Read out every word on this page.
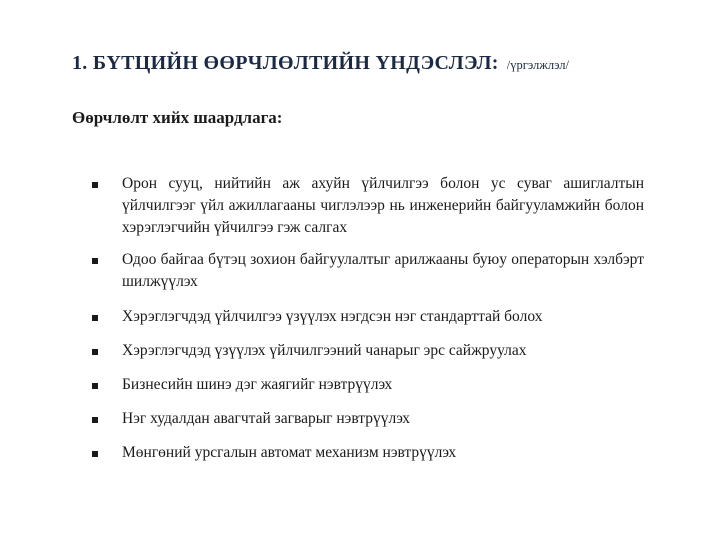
1. БҮТЦИЙН ӨӨРЧЛӨЛТИЙН ҮНДЭСЛЭЛ: /үргэлжлэл/
Өөрчлөлт хийх шаардлага:
Орон сууц, нийтийн аж ахуйн үйлчилгээ болон ус суваг ашиглалтын үйлчилгээг үйл ажиллагааны чиглэлээр нь инженерийн байгууламжийн болон хэрэглэгчийн үйчилгээ гэж салгах
Одоо байгаа бүтэц зохион байгуулалтыг арилжааны буюу операторын хэлбэрт шилжүүлэх
Хэрэглэгчдэд үйлчилгээ үзүүлэх нэгдсэн нэг стандарттай болох
Хэрэглэгчдэд үзүүлэх үйлчилгээний чанарыг эрс сайжруулах
Бизнесийн шинэ дэг жаягийг нэвтрүүлэх
Нэг худалдан авагчтай загварыг нэвтрүүлэх
Мөнгөний урсгалын автомат механизм нэвтрүүлэх
